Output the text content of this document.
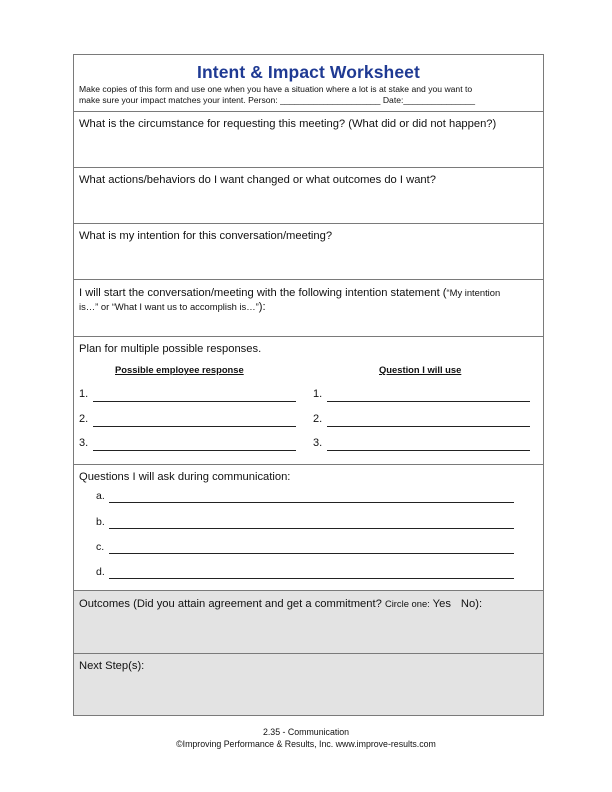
Intent & Impact Worksheet
Make copies of this form and use one when you have a situation where a lot is at stake and you want to
make sure your impact matches your intent. Person: _____________________ Date:_______________
What is the circumstance for requesting this meeting? (What did or did not happen?)
What actions/behaviors do I want changed or what outcomes do I want?
What is my intention for this conversation/meeting?
I will start the conversation/meeting with the following intention statement (“My intention
is…” or “What I want us to accomplish is…”):
Plan for multiple possible responses.
Possible employee response	Question I will use
1.	1.
2.	2.
3.	3.
Questions I will ask during communication:
a.
b.
c.
d.
Outcomes (Did you attain agreement and get a commitment? Circle one: Yes No):
Next Step(s):
2.35 - Communication
©Improving Performance & Results, Inc. www.improve-results.com
